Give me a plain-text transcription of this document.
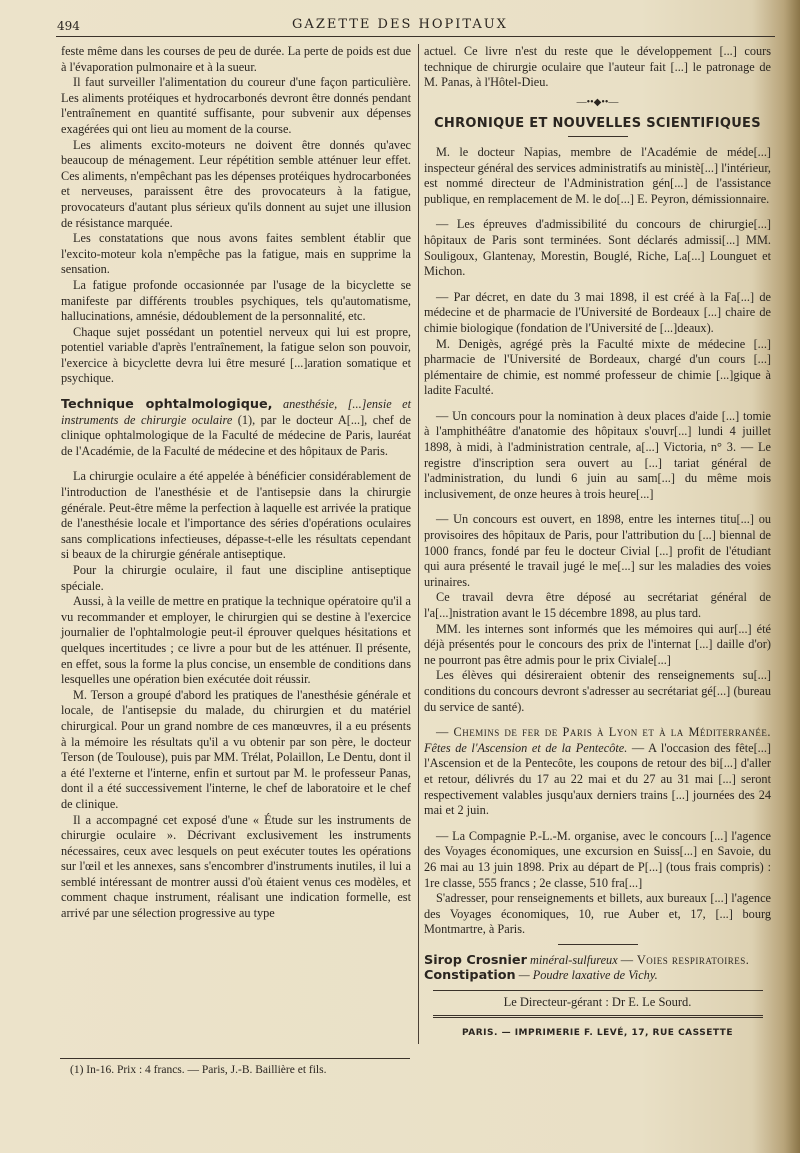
494	GAZETTE DES HOPITAUX

feste même dans les courses de peu de durée. La perte de poids est due à l'évaporation pulmonaire et à la sueur.

Il faut surveiller l'alimentation du coureur d'une façon particulière. Les aliments protéiques et hydrocarbonés devront être donnés pendant l'entraînement en quantité suffisante, pour subvenir aux dépenses exagérées qui ont lieu au moment de la course.

Les aliments excito-moteurs ne doivent être donnés qu'avec beaucoup de ménagement. Leur répétition semble atténuer leur effet. Ces aliments, n'empêchant pas les dépenses protéiques hydrocarbonées et nerveuses, paraissent être des provocateurs à la fatigue, provocateurs d'autant plus sérieux qu'ils donnent au sujet une illusion de résistance marquée.

Les constatations que nous avons faites semblent établir que l'excito-moteur kola n'empêche pas la fatigue, mais en supprime la sensation.

La fatigue profonde occasionnée par l'usage de la bicyclette se manifeste par différents troubles psychiques, tels qu'automatisme, hallucinations, amnésie, dédoublement de la personnalité, etc.

Chaque sujet possédant un potentiel nerveux qui lui est propre, potentiel variable d'après l'entraînement, la fatigue selon son pouvoir, l'exercice à bicyclette devra lui être mesuré [...]aration somatique et psychique.

Technique ophtalmologique, anesthésie, [...]ensie et instruments de chirurgie oculaire (1), par le docteur A[...], chef de clinique ophtalmologique de la Faculté de médecine de Paris, lauréat de l'Académie, de la Faculté de médecine et des hôpitaux de Paris.

La chirurgie oculaire a été appelée à bénéficier considérablement de l'introduction de l'anesthésie et de l'antisepsie dans la chirurgie générale. Peut-être même la perfection à laquelle est arrivée la pratique de l'anesthésie locale et l'importance des séries d'opérations oculaires sans complications infectieuses, dépasse-t-elle les résultats cependant si beaux de la chirurgie générale antiseptique.

Pour la chirurgie oculaire, il faut une discipline antiseptique spéciale.

Aussi, à la veille de mettre en pratique la technique opératoire qu'il a vu recommander et employer, le chirurgien qui se destine à l'exercice journalier de l'ophtalmologie peut-il éprouver quelques hésitations et quelques incertitudes ; ce livre a pour but de les atténuer. Il présente, en effet, sous la forme la plus concise, un ensemble de conditions dans lesquelles une opération bien exécutée doit réussir.

M. Terson a groupé d'abord les pratiques de l'anesthésie générale et locale, de l'antisepsie du malade, du chirurgien et du matériel chirurgical. Pour un grand nombre de ces manœuvres, il a eu présents à la mémoire les résultats qu'il a vu obtenir par son père, le docteur Terson (de Toulouse), puis par MM. Trélat, Polaillon, Le Dentu, dont il a été l'externe et l'interne, enfin et surtout par M. le professeur Panas, dont il a été successivement l'interne, le chef de laboratoire et le chef de clinique.

Il a accompagné cet exposé d'une « Étude sur les instruments de chirurgie oculaire ». Décrivant exclusivement les instruments nécessaires, ceux avec lesquels on peut exécuter toutes les opérations sur l'œil et les annexes, sans s'encombrer d'instruments inutiles, il lui a semblé intéressant de montrer aussi d'où étaient venus ces modèles, et comment chaque instrument, réalisant une indication formelle, est arrivé par une sélection progressive au type

(1) In-16. Prix : 4 francs. — Paris, J.-B. Baillière et fils.

actuel. Ce livre n'est du reste que le développement [...] cours technique de chirurgie oculaire que l'auteur fait [...] le patronage de M. Panas, à l'Hôtel-Dieu.

—••◆••—
CHRONIQUE ET NOUVELLES SCIENTIFIQUES

M. le docteur Napias, membre de l'Académie de méde[...] inspecteur général des services administratifs au ministè[...] l'intérieur, est nommé directeur de l'Administration gén[...] de l'assistance publique, en remplacement de M. le do[...] E. Peyron, démissionnaire.

— Les épreuves d'admissibilité du concours de chirurgie[...] hôpitaux de Paris sont terminées. Sont déclarés admissi[...] MM. Souligoux, Glantenay, Morestin, Bouglé, Riche, La[...] Lounguet et Michon.

— Par décret, en date du 3 mai 1898, il est créé à la Fa[...] de médecine et de pharmacie de l'Université de Bordeaux [...] chaire de chimie biologique (fondation de l'Université de [...]deaux).

M. Denigès, agrégé près la Faculté mixte de médecine [...] pharmacie de l'Université de Bordeaux, chargé d'un cours [...] plémentaire de chimie, est nommé professeur de chimie [...]gique à ladite Faculté.

— Un concours pour la nomination à deux places d'aide [...] tomie à l'amphithéâtre d'anatomie des hôpitaux s'ouvr[...] lundi 4 juillet 1898, à midi, à l'administration centrale, a[...] Victoria, n° 3. — Le registre d'inscription sera ouvert au [...] tariat général de l'administration, du lundi 6 juin au sam[...] du même mois inclusivement, de onze heures à trois heure[...]

— Un concours est ouvert, en 1898, entre les internes titu[...] ou provisoires des hôpitaux de Paris, pour l'attribution du [...] biennal de 1000 francs, fondé par feu le docteur Civial [...] profit de l'étudiant qui aura présenté le travail jugé le me[...] sur les maladies des voies urinaires.

Ce travail devra être déposé au secrétariat général de l'a[...]nistration avant le 15 décembre 1898, au plus tard.

MM. les internes sont informés que les mémoires qui aur[...] été déjà présentés pour le concours des prix de l'internat [...] daille d'or) ne pourront pas être admis pour le prix Civiale[...]

Les élèves qui désireraient obtenir des renseignements su[...] conditions du concours devront s'adresser au secrétariat gé[...] (bureau du service de santé).

— Chemins de fer de Paris à Lyon et à la Méditerranée. Fêtes de l'Ascension et de la Pentecôte. — A l'occasion des fête[...] l'Ascension et de la Pentecôte, les coupons de retour des bi[...] d'aller et retour, délivrés du 17 au 22 mai et du 27 au 31 mai [...] seront respectivement valables jusqu'aux derniers trains [...] journées des 24 mai et 2 juin.

— La Compagnie P.-L.-M. organise, avec le concours [...] l'agence des Voyages économiques, une excursion en Suiss[...] en Savoie, du 26 mai au 13 juin 1898. Prix au départ de P[...] (tous frais compris) : 1re classe, 555 francs ; 2e classe, 510 fra[...]

S'adresser, pour renseignements et billets, aux bureaux [...] l'agence des Voyages économiques, 10, rue Auber et, 17, [...] bourg Montmartre, à Paris.

Sirop Crosnier minéral-sulfureux — Voies respiratoires.

Constipation — Poudre laxative de Vichy.

Le Directeur-gérant : Dr E. Le Sourd.
PARIS. — IMPRIMERIE F. LEVÉ, 17, RUE CASSETTE
